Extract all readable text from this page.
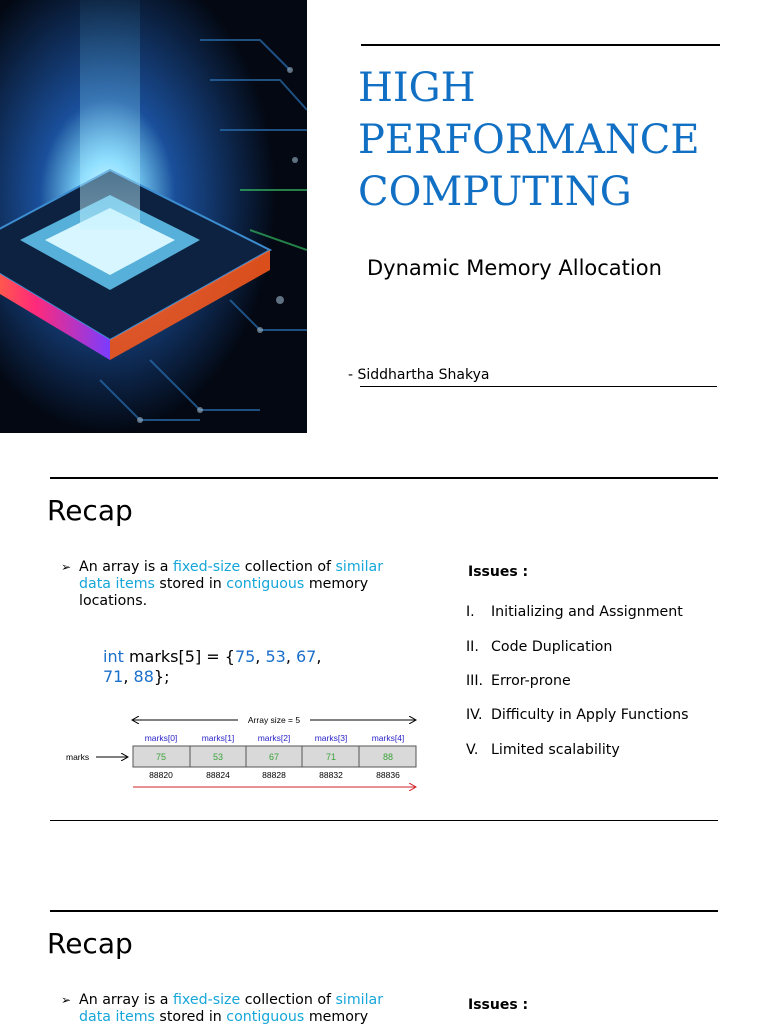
HIGH
PERFORMANCE
COMPUTING
Dynamic Memory Allocation
- Siddhartha Shakya
Recap
➢ An array is a fixed-size collection of similar data items stored in contiguous memory locations.
int marks[5] = {75, 53, 67,
71, 88};
Array size = 5
marks[0]	marks[1]	marks[2]	marks[3]	marks[4]
marks	75	53	67	71	88
88820	88824	88828	88832	88836
Issues :
I. Initializing and Assignment
II. Code Duplication
III. Error-prone
IV. Difficulty in Apply Functions
V. Limited scalability
Recap
➢ An array is a fixed-size collection of similar data items stored in contiguous memory
Issues :
